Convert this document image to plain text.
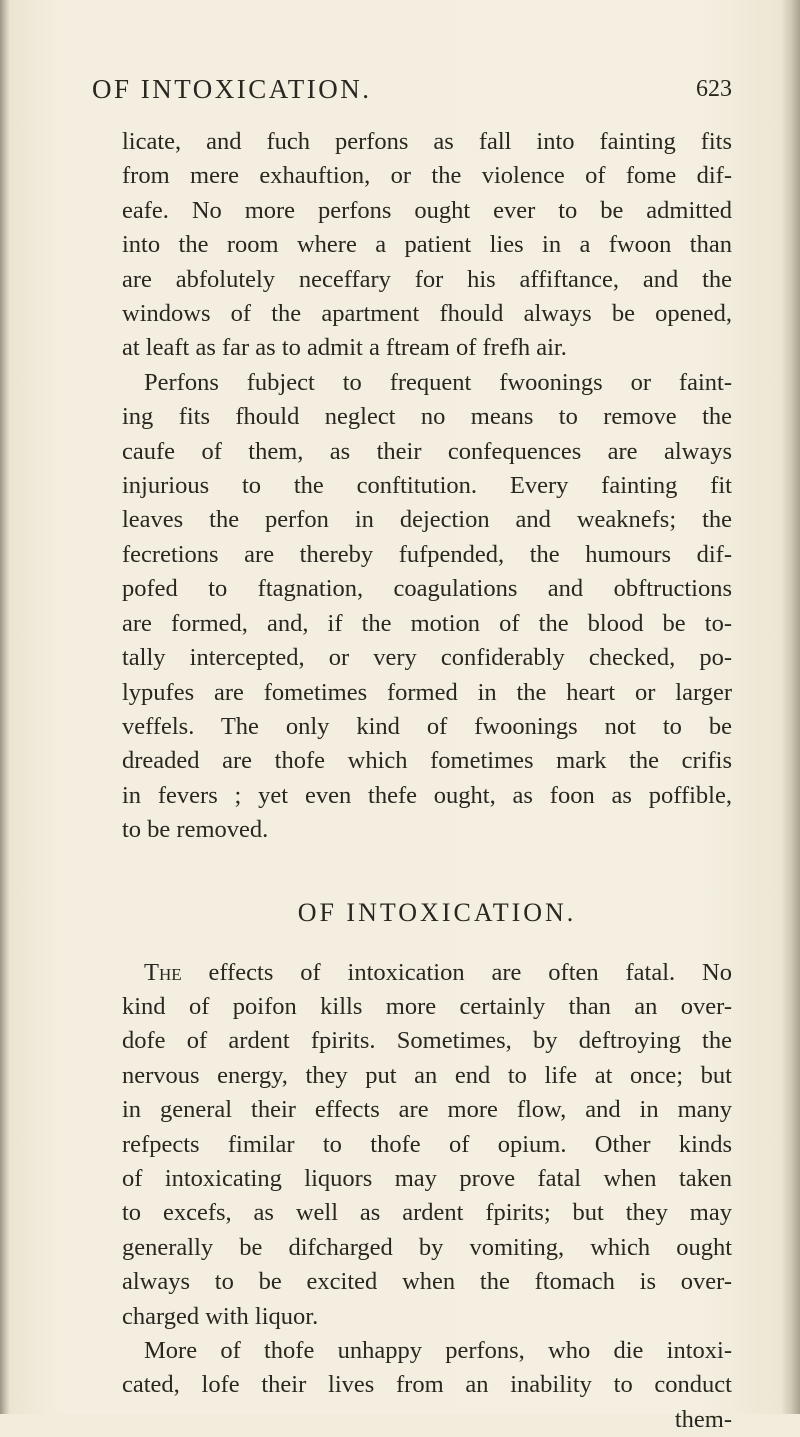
OF INTOXICATION.	623

licate, and fuch perfons as fall into fainting fits
from mere exhauftion, or the violence of fome dif-
eafe. No more perfons ought ever to be admitted
into the room where a patient lies in a fwoon than
are abfolutely neceffary for his affiftance, and the
windows of the apartment fhould always be opened,
at leaft as far as to admit a ftream of frefh air.

Perfons fubject to frequent fwoonings or faint-

ing fits fhould neglect no means to remove the
caufe of them, as their confequences are always
injurious to the conftitution. Every fainting fit
leaves the perfon in dejection and weaknefs; the
fecretions are thereby fufpended, the humours dif-
pofed to ftagnation, coagulations and obftructions
are formed, and, if the motion of the blood be to-
tally intercepted, or very confiderably checked, po-
lypufes are fometimes formed in the heart or larger
veffels. The only kind of fwoonings not to be
dreaded are thofe which fometimes mark the crifis
in fevers ; yet even thefe ought, as foon as poffible,
to be removed.

OF INTOXICATION.

The effects of intoxication are often fatal. No

kind of poifon kills more certainly than an over-
dofe of ardent fpirits. Sometimes, by deftroying the
nervous energy, they put an end to life at once; but
in general their effects are more flow, and in many
refpects fimilar to thofe of opium. Other kinds
of intoxicating liquors may prove fatal when taken
to excefs, as well as ardent fpirits; but they may
generally be difcharged by vomiting, which ought
always to be excited when the ftomach is over-
charged with liquor.

More of thofe unhappy perfons, who die intoxi-

cated, lofe their lives from an inability to conduct
them-
